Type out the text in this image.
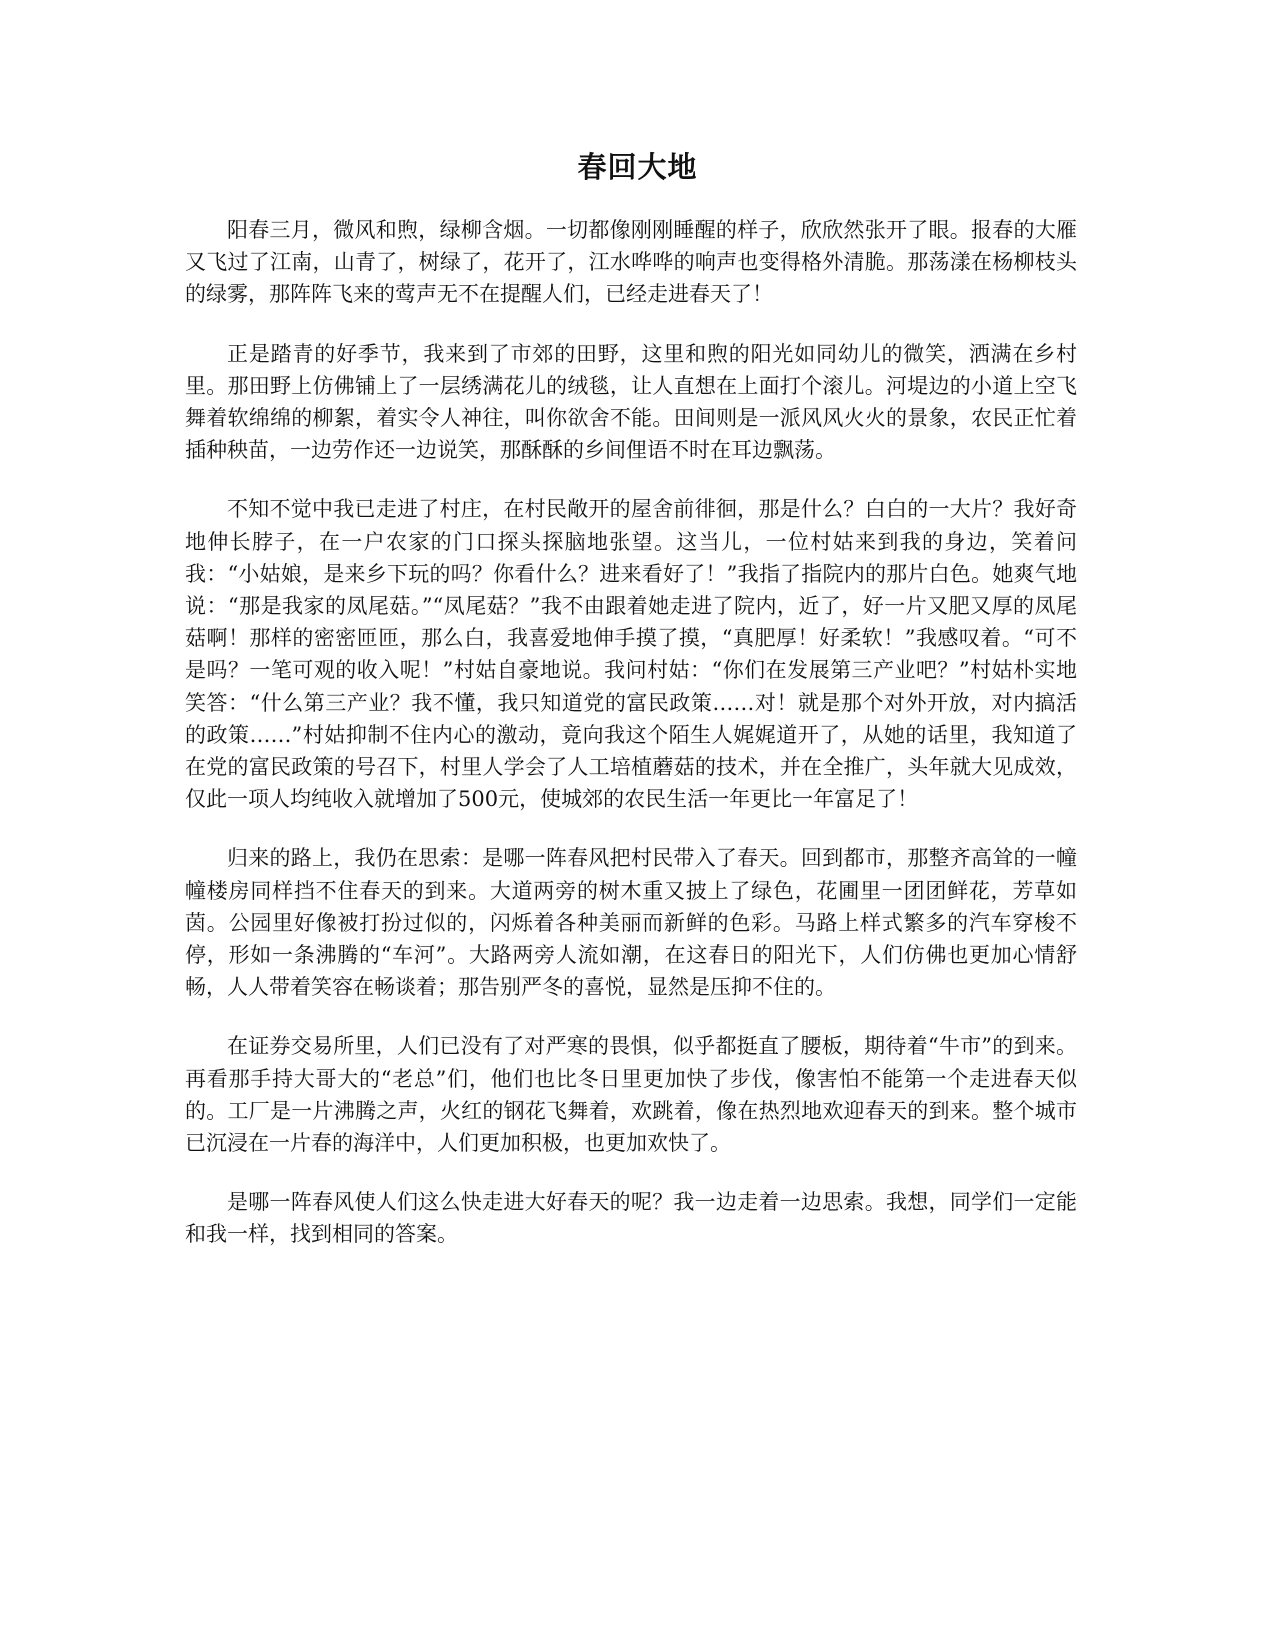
春回大地

阳春三月，微风和煦，绿柳含烟。一切都像刚刚睡醒的样子，欣欣然张开了眼。报春的大雁又飞过了江南，山青了，树绿了，花开了，江水哗哗的响声也变得格外清脆。那荡漾在杨柳枝头的绿雾，那阵阵飞来的莺声无不在提醒人们，已经走进春天了！

正是踏青的好季节，我来到了市郊的田野，这里和煦的阳光如同幼儿的微笑，洒满在乡村里。那田野上仿佛铺上了一层绣满花儿的绒毯，让人直想在上面打个滚儿。河堤边的小道上空飞舞着软绵绵的柳絮，着实令人神往，叫你欲舍不能。田间则是一派风风火火的景象，农民正忙着插种秧苗，一边劳作还一边说笑，那酥酥的乡间俚语不时在耳边飘荡。

不知不觉中我已走进了村庄，在村民敞开的屋舍前徘徊，那是什么？白白的一大片？我好奇地伸长脖子，在一户农家的门口探头探脑地张望。这当儿，一位村姑来到我的身边，笑着问我：“小姑娘，是来乡下玩的吗？你看什么？进来看好了！”我指了指院内的那片白色。她爽气地说：“那是我家的凤尾菇。”“凤尾菇？”我不由跟着她走进了院内，近了，好一片又肥又厚的凤尾菇啊！那样的密密匝匝，那么白，我喜爱地伸手摸了摸，“真肥厚！好柔软！”我感叹着。“可不是吗？一笔可观的收入呢！”村姑自豪地说。我问村姑：“你们在发展第三产业吧？”村姑朴实地笑答：“什么第三产业？我不懂，我只知道党的富民政策……对！就是那个对外开放，对内搞活的政策……”村姑抑制不住内心的激动，竟向我这个陌生人娓娓道开了，从她的话里，我知道了在党的富民政策的号召下，村里人学会了人工培植蘑菇的技术，并在全推广，头年就大见成效，仅此一项人均纯收入就增加了500元，使城郊的农民生活一年更比一年富足了！

归来的路上，我仍在思索：是哪一阵春风把村民带入了春天。回到都市，那整齐高耸的一幢幢楼房同样挡不住春天的到来。大道两旁的树木重又披上了绿色，花圃里一团团鲜花，芳草如茵。公园里好像被打扮过似的，闪烁着各种美丽而新鲜的色彩。马路上样式繁多的汽车穿梭不停，形如一条沸腾的“车河”。大路两旁人流如潮，在这春日的阳光下，人们仿佛也更加心情舒畅，人人带着笑容在畅谈着；那告别严冬的喜悦，显然是压抑不住的。

在证券交易所里，人们已没有了对严寒的畏惧，似乎都挺直了腰板，期待着“牛市”的到来。再看那手持大哥大的“老总”们，他们也比冬日里更加快了步伐，像害怕不能第一个走进春天似的。工厂是一片沸腾之声，火红的钢花飞舞着，欢跳着，像在热烈地欢迎春天的到来。整个城市已沉浸在一片春的海洋中，人们更加积极，也更加欢快了。

是哪一阵春风使人们这么快走进大好春天的呢？我一边走着一边思索。我想，同学们一定能和我一样，找到相同的答案。
